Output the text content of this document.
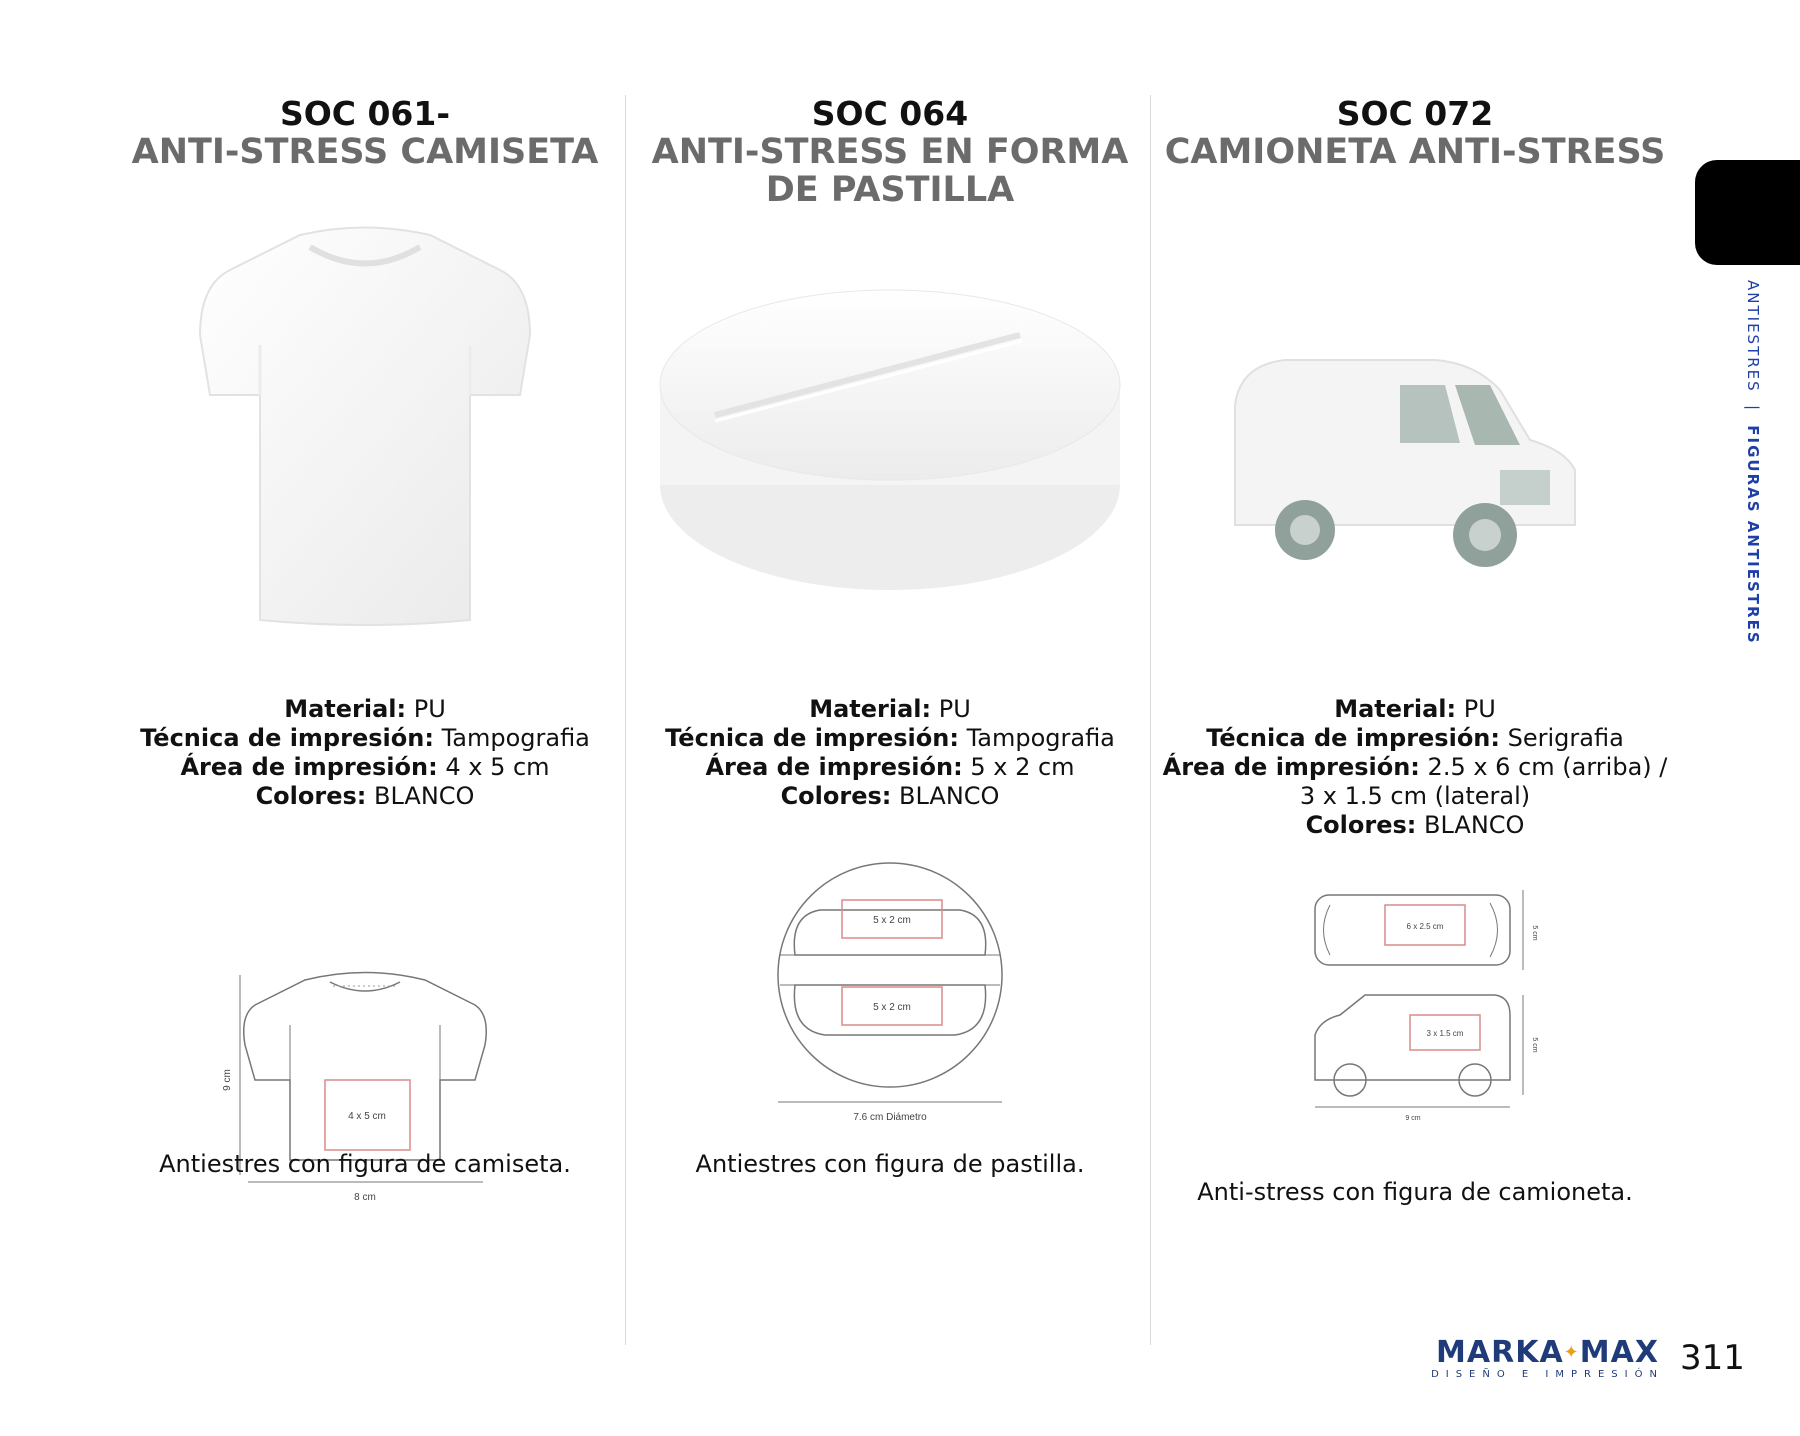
SOC 061-
ANTI-STRESS CAMISETA
Material: PU
Técnica de impresión: Tampografia
Área de impresión: 4 x 5 cm
Colores: BLANCO
4 x 5 cm
9 cm
8 cm
Antiestres con figura de camiseta.
SOC 064
ANTI-STRESS EN FORMA DE PASTILLA
Material: PU
Técnica de impresión: Tampografia
Área de impresión: 5 x 2 cm
Colores: BLANCO
5 x 2 cm
5 x 2 cm
7.6 cm Diámetro
Antiestres con figura de pastilla.
SOC 072
CAMIONETA ANTI-STRESS
Material: PU
Técnica de impresión: Serigrafia
Área de impresión: 2.5 x 6 cm (arriba) / 3 x 1.5 cm (lateral)
Colores: BLANCO
6 x 2.5 cm	5 cm
3 x 1.5 cm
5 cm
9 cm
Anti-stress con figura de camioneta.
ANTIESTRES | FIGURAS ANTIESTRES
MARKA✦MAX
DISEÑO E IMPRESIÓN 311
